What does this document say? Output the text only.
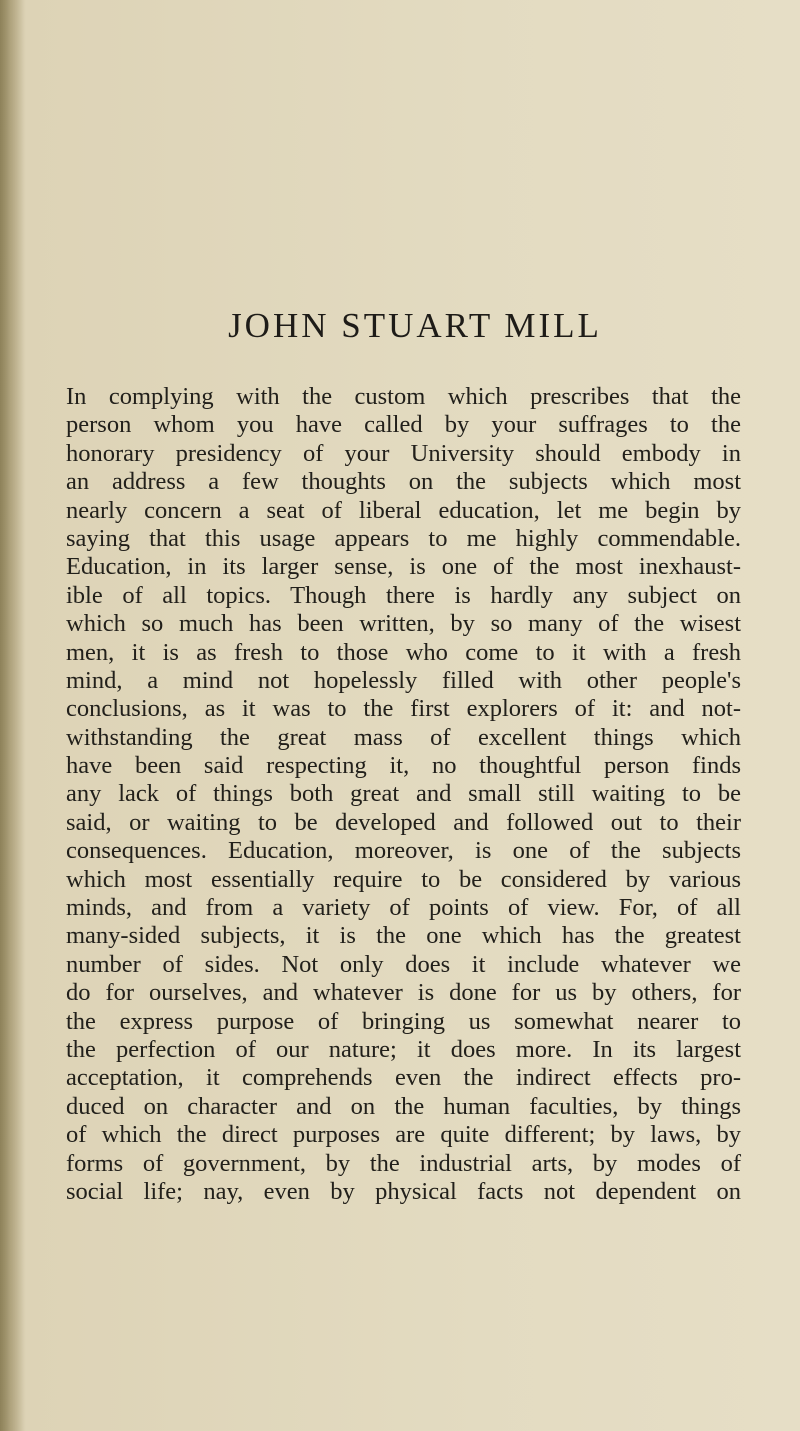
JOHN STUART MILL
In complying with the custom which prescribes that the
person whom you have called by your suffrages to the
honorary presidency of your University should embody in
an address a few thoughts on the subjects which most
nearly concern a seat of liberal education, let me begin by
saying that this usage appears to me highly commendable.
Education, in its larger sense, is one of the most inexhaust-
ible of all topics. Though there is hardly any subject on
which so much has been written, by so many of the wisest
men, it is as fresh to those who come to it with a fresh
mind, a mind not hopelessly filled with other people's
conclusions, as it was to the first explorers of it: and not-
withstanding the great mass of excellent things which
have been said respecting it, no thoughtful person finds
any lack of things both great and small still waiting to be
said, or waiting to be developed and followed out to their
consequences. Education, moreover, is one of the subjects
which most essentially require to be considered by various
minds, and from a variety of points of view. For, of all
many-sided subjects, it is the one which has the greatest
number of sides. Not only does it include whatever we
do for ourselves, and whatever is done for us by others, for
the express purpose of bringing us somewhat nearer to
the perfection of our nature; it does more. In its largest
acceptation, it comprehends even the indirect effects pro-
duced on character and on the human faculties, by things
of which the direct purposes are quite different; by laws, by
forms of government, by the industrial arts, by modes of
social life; nay, even by physical facts not dependent on
